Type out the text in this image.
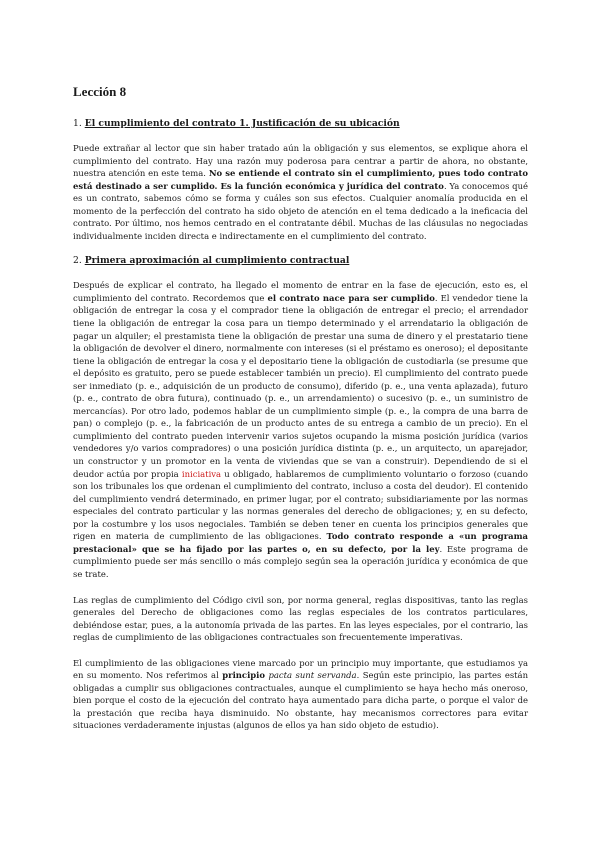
Lección 8
1. El cumplimiento del contrato 1. Justificación de su ubicación

Puede extrañar al lector que sin haber tratado aún la obligación y sus elementos, se explique ahora el cumplimiento del contrato. Hay una razón muy poderosa para centrar a partir de ahora, no obstante, nuestra atención en este tema. No se entiende el contrato sin el cumplimiento, pues todo contrato está destinado a ser cumplido. Es la función económica y jurídica del contrato. Ya conocemos qué es un contrato, sabemos cómo se forma y cuáles son sus efectos. Cualquier anomalía producida en el momento de la perfección del contrato ha sido objeto de atención en el tema dedicado a la ineficacia del contrato. Por último, nos hemos centrado en el contratante débil. Muchas de las cláusulas no negociadas individualmente inciden directa e indirectamente en el cumplimiento del contrato.

2. Primera aproximación al cumplimiento contractual

Después de explicar el contrato, ha llegado el momento de entrar en la fase de ejecución, esto es, el cumplimiento del contrato. Recordemos que el contrato nace para ser cumplido. El vendedor tiene la obligación de entregar la cosa y el comprador tiene la obligación de entregar el precio; el arrendador tiene la obligación de entregar la cosa para un tiempo determinado y el arrendatario la obligación de pagar un alquiler; el prestamista tiene la obligación de prestar una suma de dinero y el prestatario tiene la obligación de devolver el dinero, normalmente con intereses (si el préstamo es oneroso); el depositante tiene la obligación de entregar la cosa y el depositario tiene la obligación de custodiarla (se presume que el depósito es gratuito, pero se puede establecer también un precio). El cumplimiento del contrato puede ser inmediato (p. e., adquisición de un producto de consumo), diferido (p. e., una venta aplazada), futuro (p. e., contrato de obra futura), continuado (p. e., un arrendamiento) o sucesivo (p. e., un suministro de mercancías). Por otro lado, podemos hablar de un cumplimiento simple (p. e., la compra de una barra de pan) o complejo (p. e., la fabricación de un producto antes de su entrega a cambio de un precio). En el cumplimiento del contrato pueden intervenir varios sujetos ocupando la misma posición jurídica (varios vendedores y/o varios compradores) o una posición jurídica distinta (p. e., un arquitecto, un aparejador, un constructor y un promotor en la venta de viviendas que se van a construir). Dependiendo de si el deudor actúa por propia iniciativa u obligado, hablaremos de cumplimiento voluntario o forzoso (cuando son los tribunales los que ordenan el cumplimiento del contrato, incluso a costa del deudor). El contenido del cumplimiento vendrá determinado, en primer lugar, por el contrato; subsidiariamente por las normas especiales del contrato particular y las normas generales del derecho de obligaciones; y, en su defecto, por la costumbre y los usos negociales. También se deben tener en cuenta los principios generales que rigen en materia de cumplimiento de las obligaciones. Todo contrato responde a «un programa prestacional» que se ha fijado por las partes o, en su defecto, por la ley. Este programa de cumplimiento puede ser más sencillo o más complejo según sea la operación jurídica y económica de que se trate.

Las reglas de cumplimiento del Código civil son, por norma general, reglas dispositivas, tanto las reglas generales del Derecho de obligaciones como las reglas especiales de los contratos particulares, debiéndose estar, pues, a la autonomía privada de las partes. En las leyes especiales, por el contrario, las reglas de cumplimiento de las obligaciones contractuales son frecuentemente imperativas.

El cumplimiento de las obligaciones viene marcado por un principio muy importante, que estudiamos ya en su momento. Nos referimos al principio pacta sunt servanda. Según este principio, las partes están obligadas a cumplir sus obligaciones contractuales, aunque el cumplimiento se haya hecho más oneroso, bien porque el costo de la ejecución del contrato haya aumentado para dicha parte, o porque el valor de la prestación que reciba haya disminuido. No obstante, hay mecanismos correctores para evitar situaciones verdaderamente injustas (algunos de ellos ya han sido objeto de estudio).
